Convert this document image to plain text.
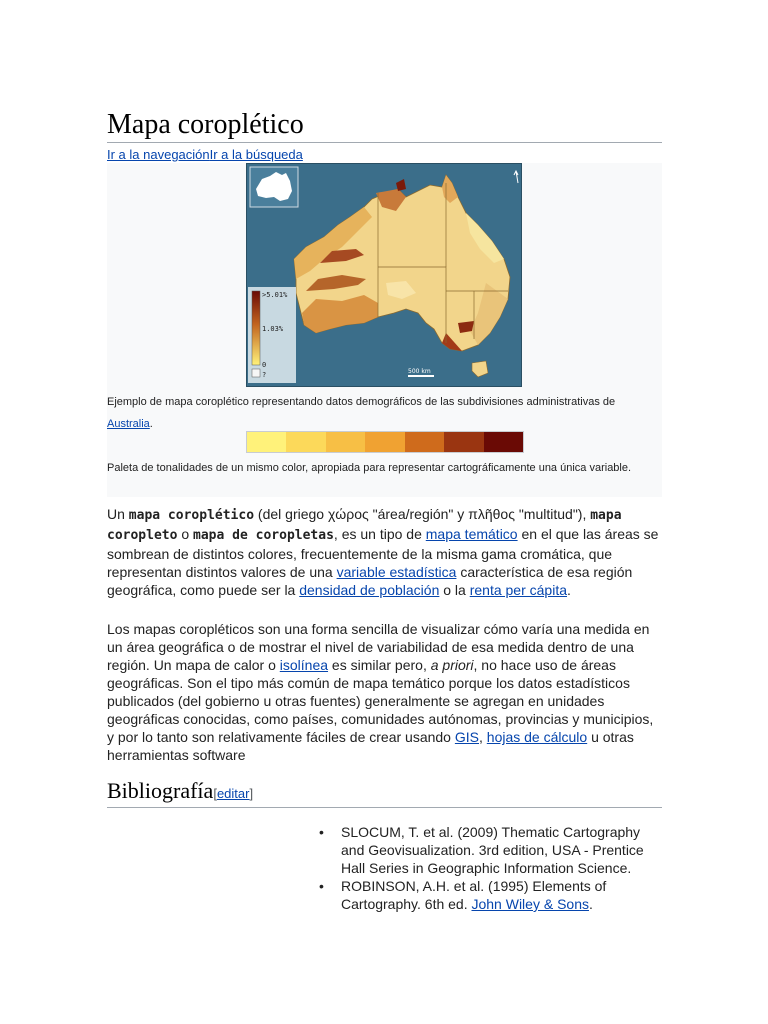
Mapa coroplético
Ir a la navegaciónIr a la búsqueda
>5.01%
1.03%
0
?	500 km
Ejemplo de mapa coroplético representando datos demográficos de las subdivisiones administrativas de Australia.
Paleta de tonalidades de un mismo color, apropiada para representar cartográficamente una única variable.

Un mapa coroplético (del griego χώρος "área/región" y πλῆθος "multitud"), mapa coropleto o mapa de coropletas, es un tipo de mapa temático en el que las áreas se sombrean de distintos colores, frecuentemente de la misma gama cromática, que representan distintos valores de una variable estadística característica de esa región geográfica, como puede ser la densidad de población o la renta per cápita.

Los mapas coropléticos son una forma sencilla de visualizar cómo varía una medida en un área geográfica o de mostrar el nivel de variabilidad de esa medida dentro de una región. Un mapa de calor o isolínea es similar pero, a priori, no hace uso de áreas geográficas. Son el tipo más común de mapa temático porque los datos estadísticos publicados (del gobierno u otras fuentes) generalmente se agregan en unidades geográficas conocidas, como países, comunidades autónomas, provincias y municipios, y por lo tanto son relativamente fáciles de crear usando GIS, hojas de cálculo u otras herramientas software

Bibliografía[editar]
• SLOCUM, T. et al. (2009) Thematic Cartography and Geovisualization. 3rd edition, USA - Prentice Hall Series in Geographic Information Science.
• ROBINSON, A.H. et al. (1995) Elements of Cartography. 6th ed. John Wiley & Sons.
